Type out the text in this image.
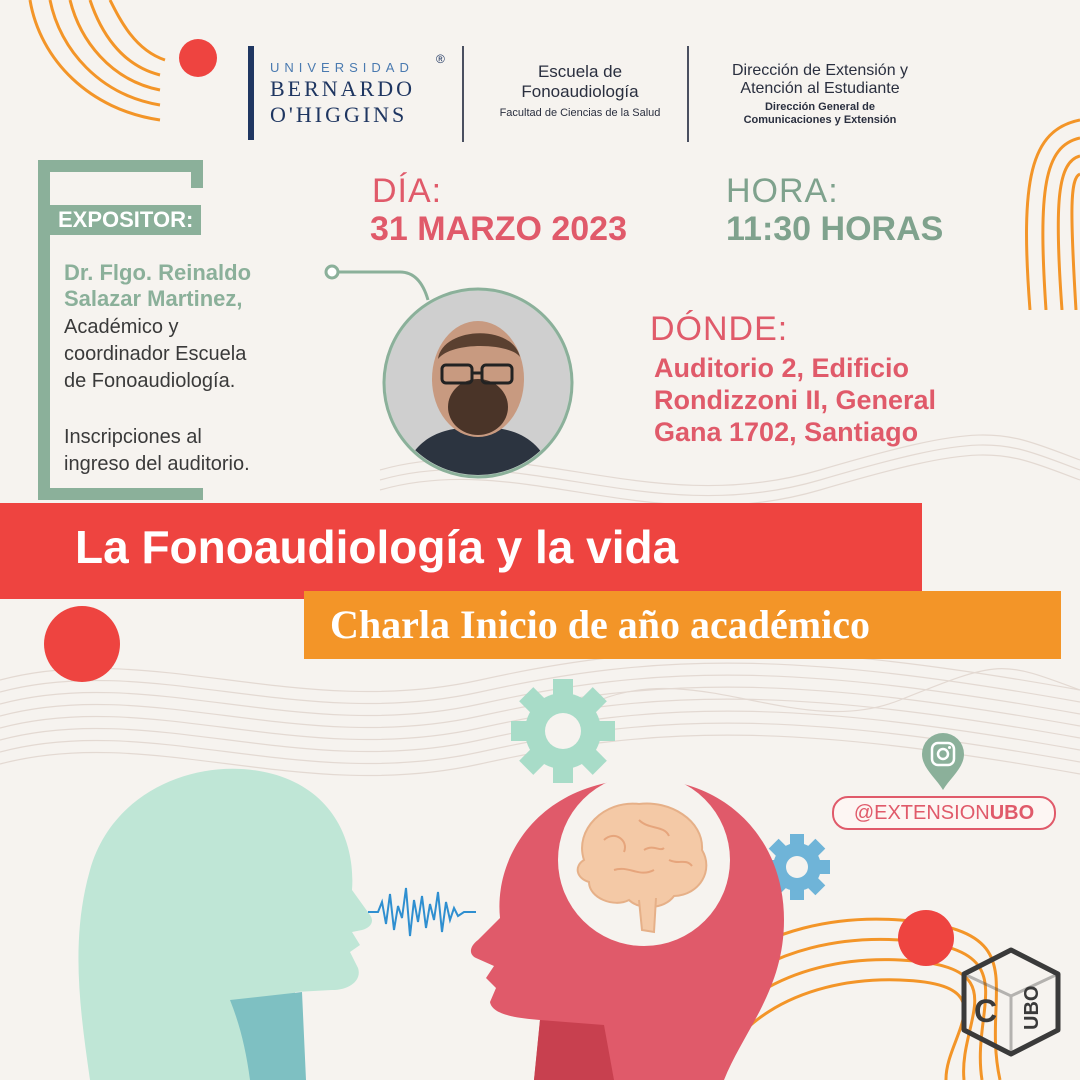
UNIVERSIDAD
®
BERNARDO
O'HIGGINS
Escuela de
Fonoaudiología
Facultad de Ciencias de la Salud
Dirección de Extensión y
Atención al Estudiante
Dirección General de
Comunicaciones y Extensión
EXPOSITOR:
Dr. Flgo. Reinaldo
Salazar Martinez,
Académico y
coordinador Escuela
de Fonoaudiología.
Inscripciones al
ingreso del auditorio.
DÍA:
31 MARZO 2023
HORA:
11:30 HORAS
DÓNDE:
Auditorio 2, Edificio
Rondizzoni II, General
Gana 1702, Santiago
La Fonoaudiología y la vida
Charla Inicio de año académico
@EXTENSIONUBO
C UBO
